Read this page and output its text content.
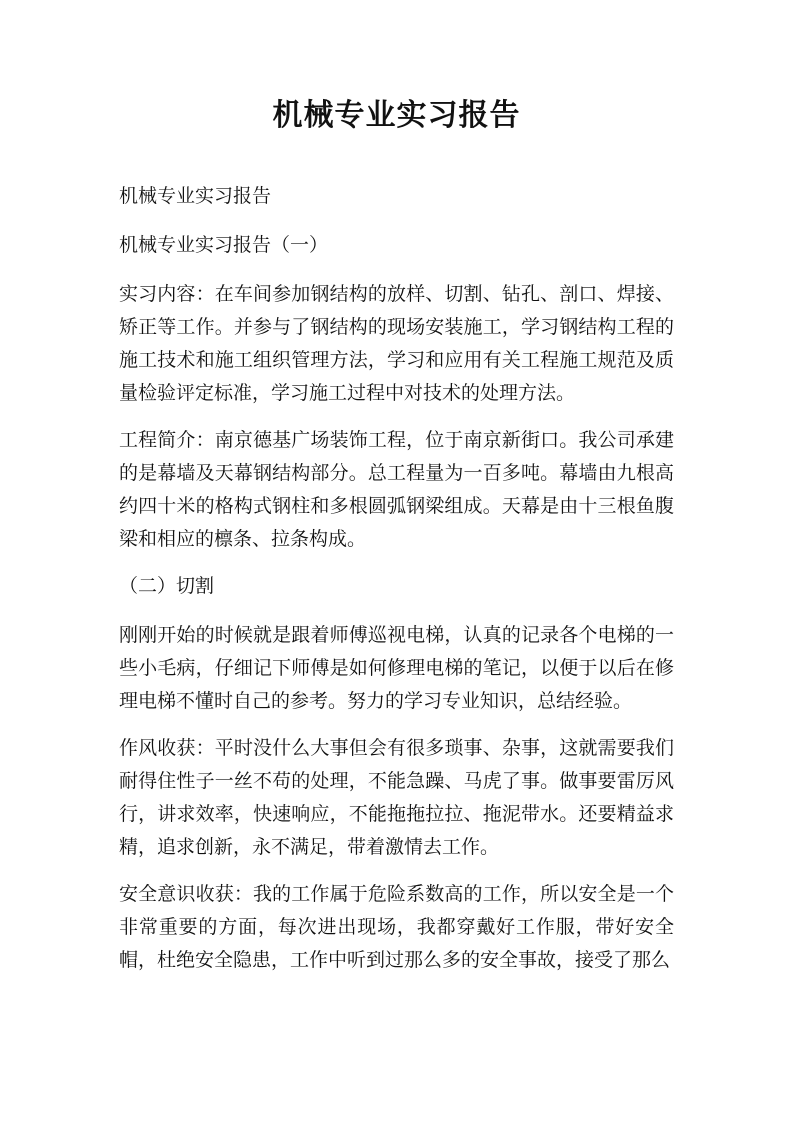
机械专业实习报告

机械专业实习报告

机械专业实习报告（一）

实习内容：在车间参加钢结构的放样、切割、钻孔、剖口、焊接、矫正等工作。并参与了钢结构的现场安装施工，学习钢结构工程的施工技术和施工组织管理方法，学习和应用有关工程施工规范及质量检验评定标准，学习施工过程中对技术的处理方法。

工程简介：南京德基广场装饰工程，位于南京新街口。我公司承建的是幕墙及天幕钢结构部分。总工程量为一百多吨。幕墙由九根高约四十米的格构式钢柱和多根圆弧钢梁组成。天幕是由十三根鱼腹梁和相应的檩条、拉条构成。

（二）切割

刚刚开始的时候就是跟着师傅巡视电梯，认真的记录各个电梯的一些小毛病，仔细记下师傅是如何修理电梯的笔记，以便于以后在修理电梯不懂时自己的参考。努力的学习专业知识，总结经验。

作风收获：平时没什么大事但会有很多琐事、杂事，这就需要我们耐得住性子一丝不苟的处理，不能急躁、马虎了事。做事要雷厉风行，讲求效率，快速响应，不能拖拖拉拉、拖泥带水。还要精益求精，追求创新，永不满足，带着激情去工作。

安全意识收获：我的工作属于危险系数高的工作，所以安全是一个非常重要的方面，每次进出现场，我都穿戴好工作服，带好安全帽，杜绝安全隐患，工作中听到过那么多的安全事故，接受了那么
